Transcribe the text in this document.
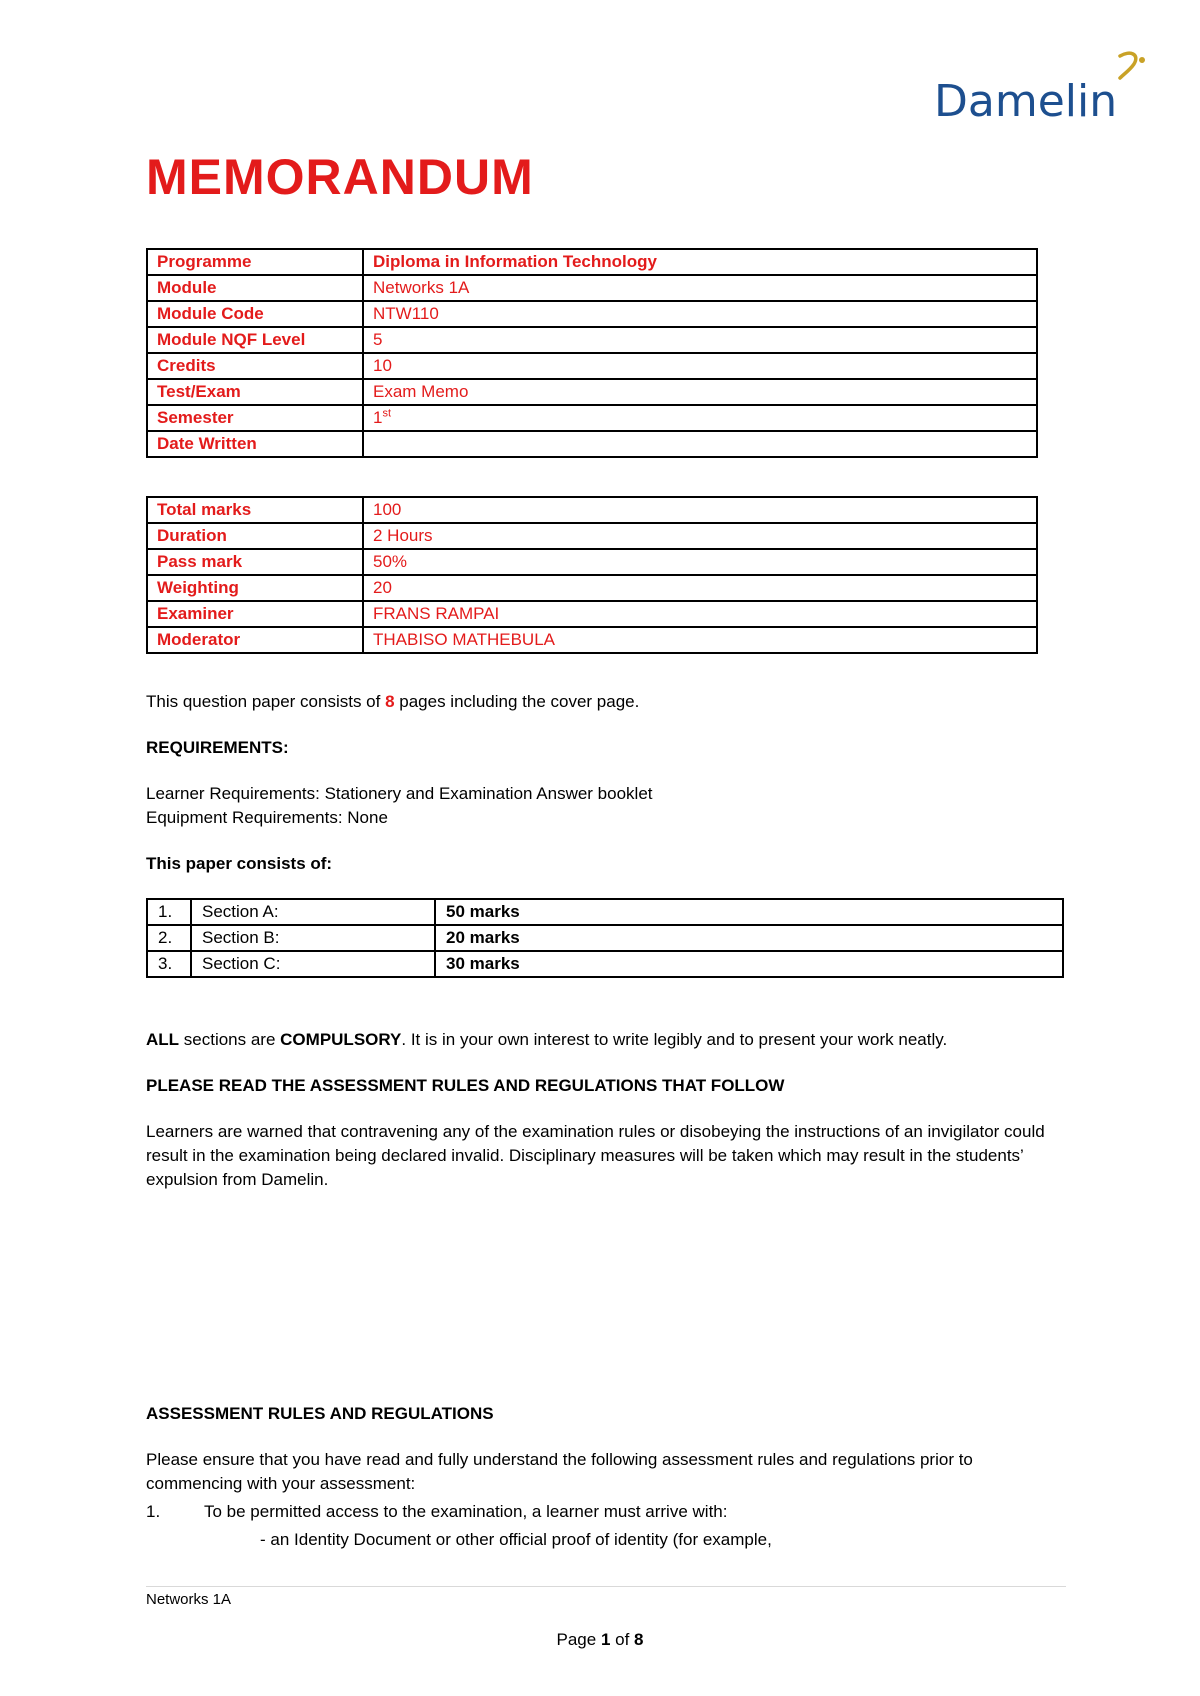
Damelin
MEMORANDUM
Programme	Diploma in Information Technology
Module	Networks 1A
Module Code	NTW110
Module NQF Level	5
Credits	10
Test/Exam	Exam Memo
Semester	1st
Date Written	
Total marks	100
Duration	2 Hours
Pass mark	50%
Weighting	20
Examiner	FRANS RAMPAI
Moderator	THABISO MATHEBULA
This question paper consists of 8 pages including the cover page.
REQUIREMENTS:
Learner Requirements: Stationery and Examination Answer booklet
Equipment Requirements: None
This paper consists of:
1.	Section A:	50 marks
2.	Section B:	20 marks
3.	Section C:	30 marks
ALL sections are COMPULSORY. It is in your own interest to write legibly and to present your work neatly.
PLEASE READ THE ASSESSMENT RULES AND REGULATIONS THAT FOLLOW
Learners are warned that contravening any of the examination rules or disobeying the instructions of an invigilator could result in the examination being declared invalid. Disciplinary measures will be taken which may result in the students’ expulsion from Damelin.
ASSESSMENT RULES AND REGULATIONS
Please ensure that you have read and fully understand the following assessment rules and regulations prior to commencing with your assessment:
1.	To be permitted access to the examination, a learner must arrive with:
- an Identity Document or other official proof of identity (for example,
Networks 1A
Page 1 of 8
